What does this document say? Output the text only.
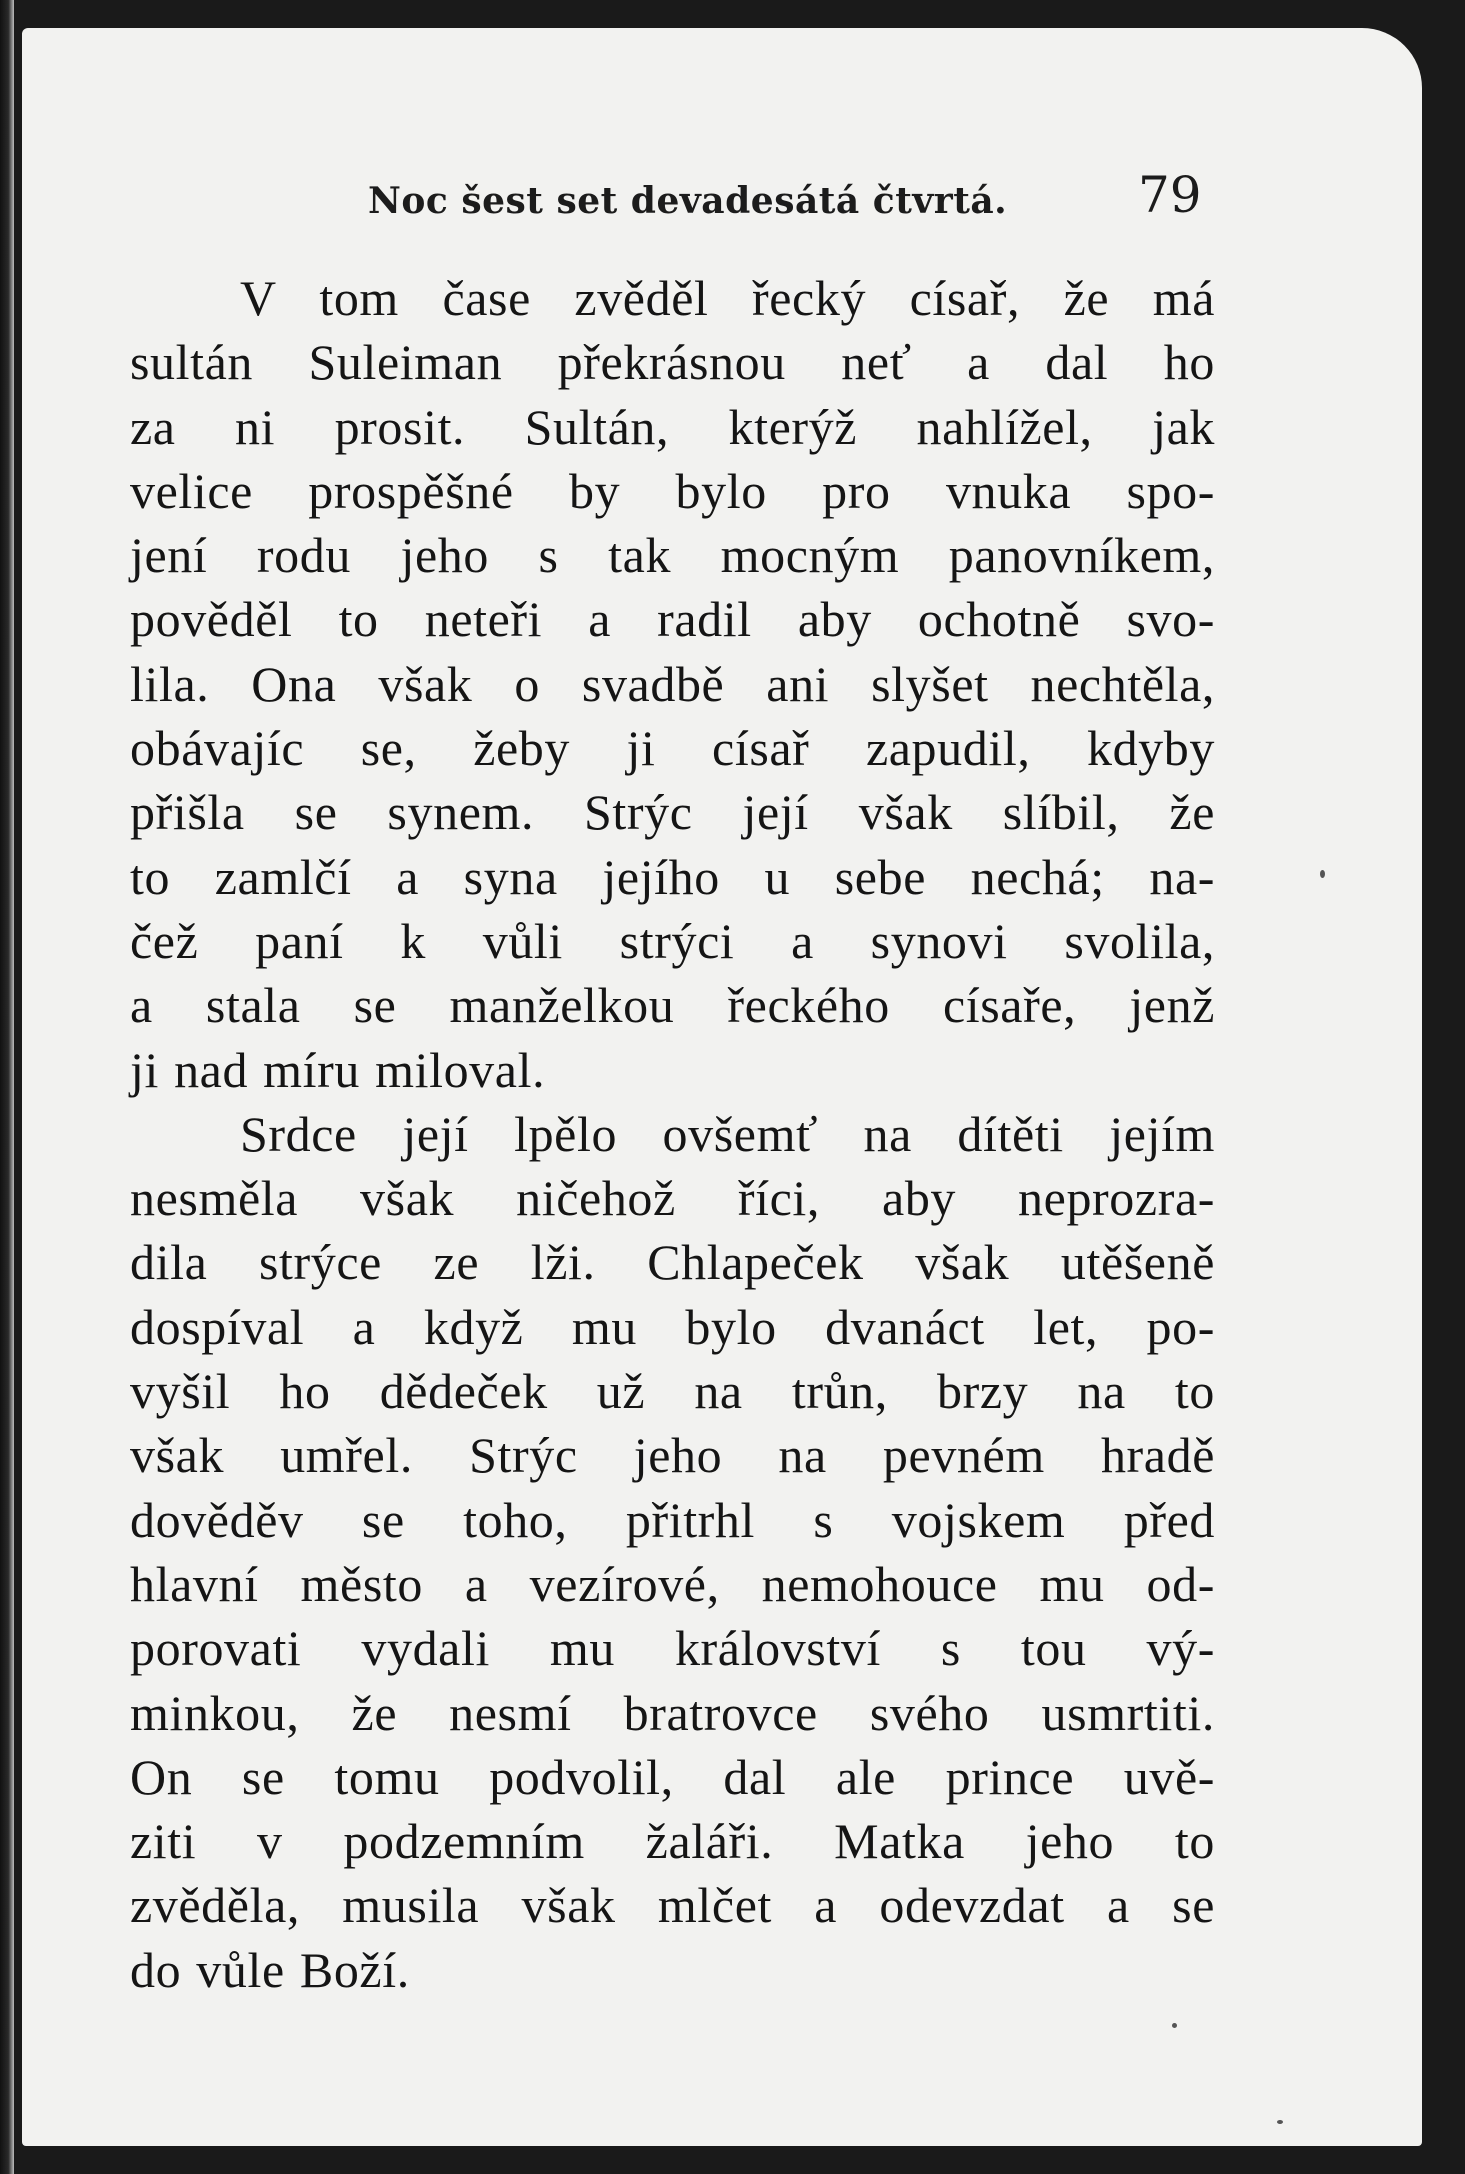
Noc šest set devadesátá čtvrtá.	79
V tom čase zvěděl řecký císař, že má
sultán Suleiman překrásnou neť a dal ho
za ni prosit. Sultán, kterýž nahlížel, jak
velice prospěšné by bylo pro vnuka spo-
jení rodu jeho s tak mocným panovníkem,
pověděl to neteři a radil aby ochotně svo-
lila. Ona však o svadbě ani slyšet nechtěla,
obávajíc se, žeby ji císař zapudil, kdyby
přišla se synem. Strýc její však slíbil, že
to zamlčí a syna jejího u sebe nechá; na-
čež paní k vůli strýci a synovi svolila,
a stala se manželkou řeckého císaře, jenž
ji nad míru miloval.
Srdce její lpělo ovšemť na dítěti jejím
nesměla však ničehož říci, aby neprozra-
dila strýce ze lži. Chlapeček však utěšeně
dospíval a když mu bylo dvanáct let, po-
vyšil ho dědeček už na trůn, brzy na to
však umřel. Strýc jeho na pevném hradě
dověděv se toho, přitrhl s vojskem před
hlavní město a vezírové, nemohouce mu od-
porovati vydali mu království s tou vý-
minkou, že nesmí bratrovce svého usmrtiti.
On se tomu podvolil, dal ale prince uvě-
ziti v podzemním žaláři. Matka jeho to
zvěděla, musila však mlčet a odevzdat a se
do vůle Boží.
